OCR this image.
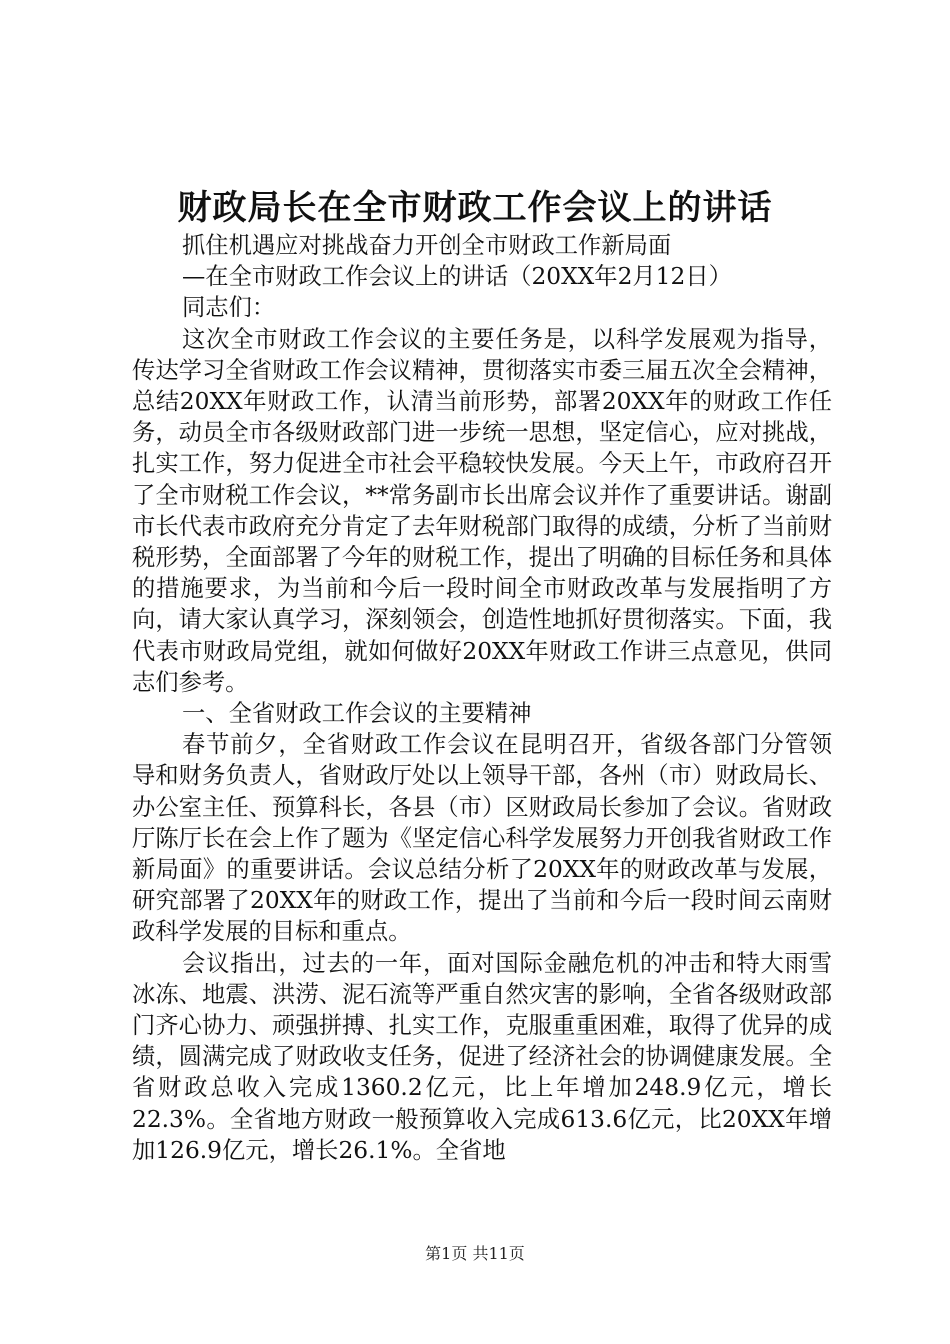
财政局长在全市财政工作会议上的讲话

抓住机遇应对挑战奋力开创全市财政工作新局面

—在全市财政工作会议上的讲话（20XX年2月12日）

同志们：

这次全市财政工作会议的主要任务是，以科学发展观为指导，传达学习全省财政工作会议精神，贯彻落实市委三届五次全会精神，总结20XX年财政工作，认清当前形势，部署20XX年的财政工作任务，动员全市各级财政部门进一步统一思想，坚定信心，应对挑战，扎实工作，努力促进全市社会平稳较快发展。今天上午，市政府召开了全市财税工作会议，**常务副市长出席会议并作了重要讲话。谢副市长代表市政府充分肯定了去年财税部门取得的成绩，分析了当前财税形势，全面部署了今年的财税工作，提出了明确的目标任务和具体的措施要求，为当前和今后一段时间全市财政改革与发展指明了方向，请大家认真学习，深刻领会，创造性地抓好贯彻落实。下面，我代表市财政局党组，就如何做好20XX年财政工作讲三点意见，供同志们参考。

一、全省财政工作会议的主要精神

春节前夕，全省财政工作会议在昆明召开，省级各部门分管领导和财务负责人，省财政厅处以上领导干部，各州（市）财政局长、办公室主任、预算科长，各县（市）区财政局长参加了会议。省财政厅陈厅长在会上作了题为《坚定信心科学发展努力开创我省财政工作新局面》的重要讲话。会议总结分析了20XX年的财政改革与发展，研究部署了20XX年的财政工作，提出了当前和今后一段时间云南财政科学发展的目标和重点。

会议指出，过去的一年，面对国际金融危机的冲击和特大雨雪冰冻、地震、洪涝、泥石流等严重自然灾害的影响，全省各级财政部门齐心协力、顽强拼搏、扎实工作，克服重重困难，取得了优异的成绩，圆满完成了财政收支任务，促进了经济社会的协调健康发展。全省财政总收入完成1360.2亿元，比上年增加248.9亿元，增长22.3%。全省地方财政一般预算收入完成613.6亿元，比20XX年增加126.9亿元，增长26.1%。全省地

第1页 共11页
